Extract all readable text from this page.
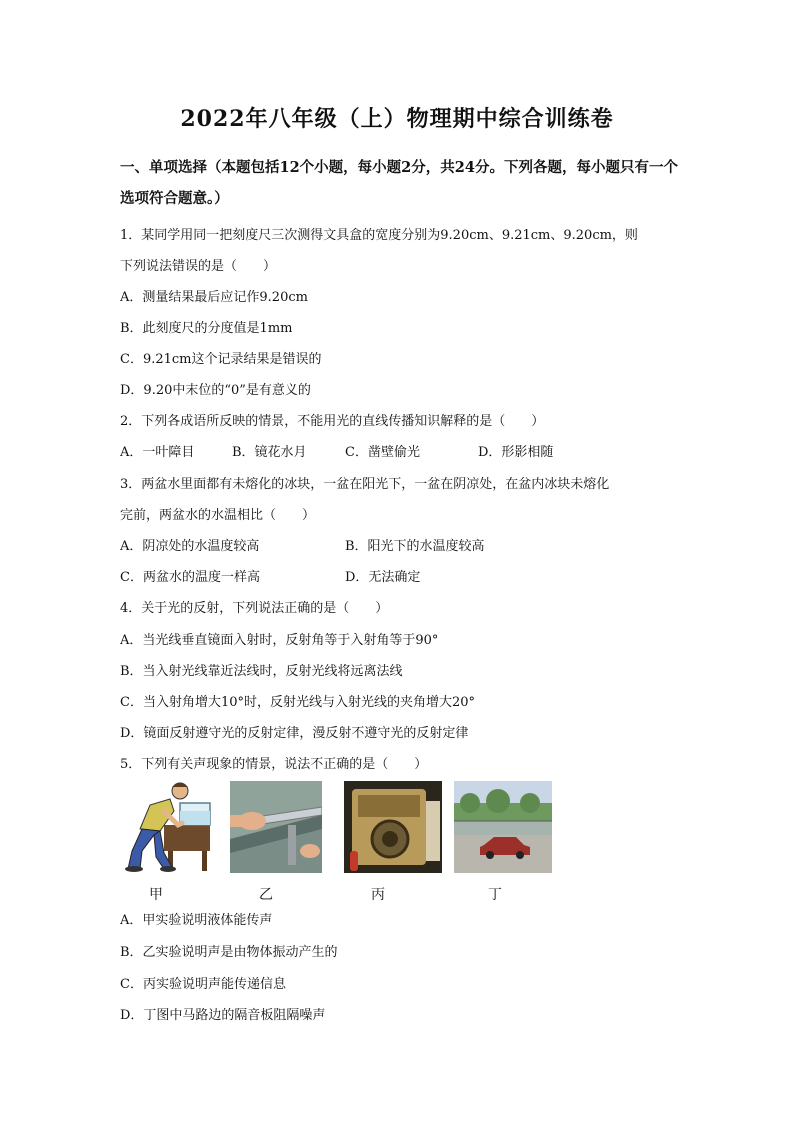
2022年八年级（上）物理期中综合训练卷
一、单项选择（本题包括12个小题，每小题2分，共24分。下列各题，每小题只有一个选项符合题意。）
1．某同学用同一把刻度尺三次测得文具盒的宽度分别为9.20cm、9.21cm、9.20cm，则
下列说法错误的是（　　）
A．测量结果最后应记作9.20cm
B．此刻度尺的分度值是1mm
C．9.21cm这个记录结果是错误的
D．9.20中末位的“0”是有意义的
2．下列各成语所反映的情景，不能用光的直线传播知识解释的是（　　）
A．一叶障目	B．镜花水月	C．凿壁偷光	D．形影相随
3．两盆水里面都有未熔化的冰块，一盆在阳光下，一盆在阴凉处，在盆内冰块未熔化
完前，两盆水的水温相比（　　）
A．阴凉处的水温度较高	B．阳光下的水温度较高
C．两盆水的温度一样高	D．无法确定
4．关于光的反射，下列说法正确的是（　　）
A．当光线垂直镜面入射时，反射角等于入射角等于90°
B．当入射光线靠近法线时，反射光线将远离法线
C．当入射角增大10°时，反射光线与入射光线的夹角增大20°
D．镜面反射遵守光的反射定律，漫反射不遵守光的反射定律
5．下列有关声现象的情景，说法不正确的是（　　）
甲	乙	丙	丁
A．甲实验说明液体能传声
B．乙实验说明声是由物体振动产生的
C．丙实验说明声能传递信息
D．丁图中马路边的隔音板阻隔噪声
